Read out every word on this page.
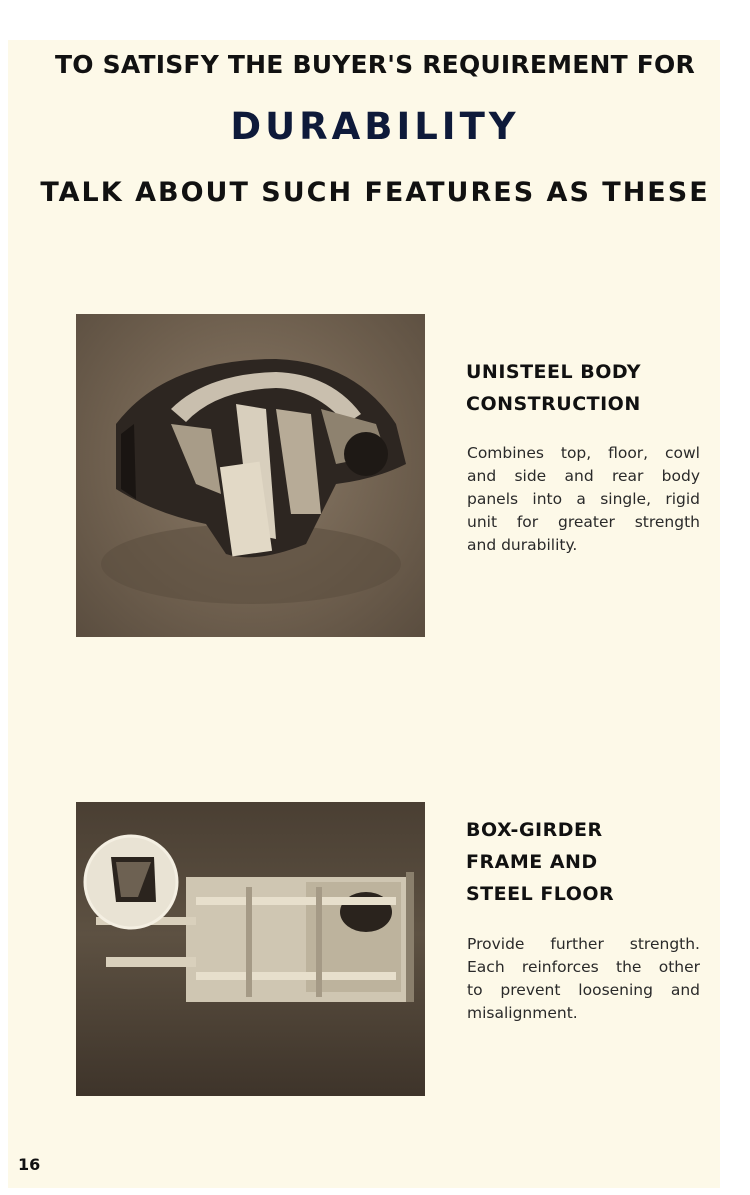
TO SATISFY THE BUYER'S REQUIREMENT FOR
DURABILITY
TALK ABOUT SUCH FEATURES AS THESE
UNISTEEL BODY
CONSTRUCTION
Combines top, floor, cowl
and side and rear body
panels into a single, rigid
unit for greater strength
and durability.
BOX-GIRDER
FRAME AND
STEEL FLOOR
Provide further strength.
Each reinforces the other
to prevent loosening and
misalignment.
16
